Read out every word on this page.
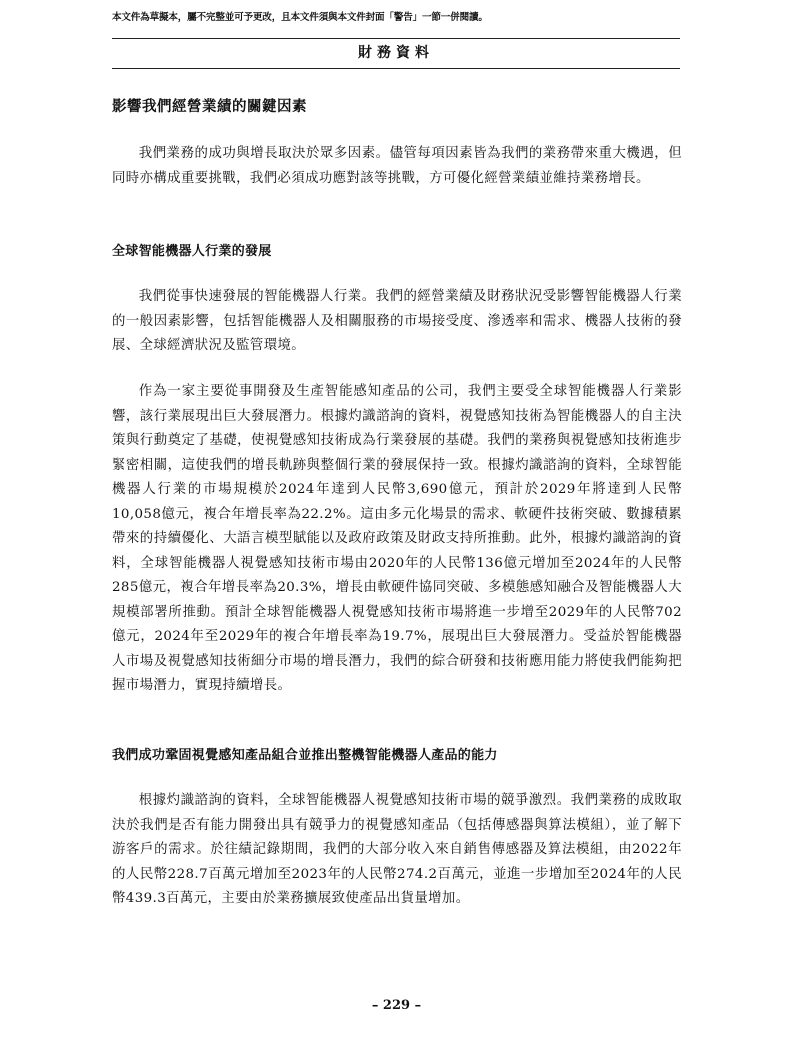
本文件為草擬本，屬不完整並可予更改，且本文件須與本文件封面「警告」一節一併閱讀。
財務資料
影響我們經營業績的關鍵因素

我們業務的成功與增長取決於眾多因素。儘管每項因素皆為我們的業務帶來重大機遇，但同時亦構成重要挑戰，我們必須成功應對該等挑戰，方可優化經營業績並維持業務增長。

全球智能機器人行業的發展

我們從事快速發展的智能機器人行業。我們的經營業績及財務狀況受影響智能機器人行業的一般因素影響，包括智能機器人及相關服務的市場接受度、滲透率和需求、機器人技術的發展、全球經濟狀況及監管環境。

作為一家主要從事開發及生產智能感知產品的公司，我們主要受全球智能機器人行業影響，該行業展現出巨大發展潛力。根據灼識諮詢的資料，視覺感知技術為智能機器人的自主決策與行動奠定了基礎，使視覺感知技術成為行業發展的基礎。我們的業務與視覺感知技術進步緊密相關，這使我們的增長軌跡與整個行業的發展保持一致。根據灼識諮詢的資料，全球智能機器人行業的市場規模於2024年達到人民幣3,690億元，預計於2029年將達到人民幣10,058億元，複合年增長率為22.2%。這由多元化場景的需求、軟硬件技術突破、數據積累帶來的持續優化、大語言模型賦能以及政府政策及財政支持所推動。此外，根據灼識諮詢的資料，全球智能機器人視覺感知技術市場由2020年的人民幣136億元增加至2024年的人民幣285億元，複合年增長率為20.3%，增長由軟硬件協同突破、多模態感知融合及智能機器人大規模部署所推動。預計全球智能機器人視覺感知技術市場將進一步增至2029年的人民幣702億元，2024年至2029年的複合年增長率為19.7%，展現出巨大發展潛力。受益於智能機器人市場及視覺感知技術細分市場的增長潛力，我們的綜合研發和技術應用能力將使我們能夠把握市場潛力，實現持續增長。

我們成功鞏固視覺感知產品組合並推出整機智能機器人產品的能力

根據灼識諮詢的資料，全球智能機器人視覺感知技術市場的競爭激烈。我們業務的成敗取決於我們是否有能力開發出具有競爭力的視覺感知產品（包括傳感器與算法模組），並了解下游客戶的需求。於往績記錄期間，我們的大部分收入來自銷售傳感器及算法模組，由2022年的人民幣228.7百萬元增加至2023年的人民幣274.2百萬元，並進一步增加至2024年的人民幣439.3百萬元，主要由於業務擴展致使產品出貨量增加。

– 229 –
